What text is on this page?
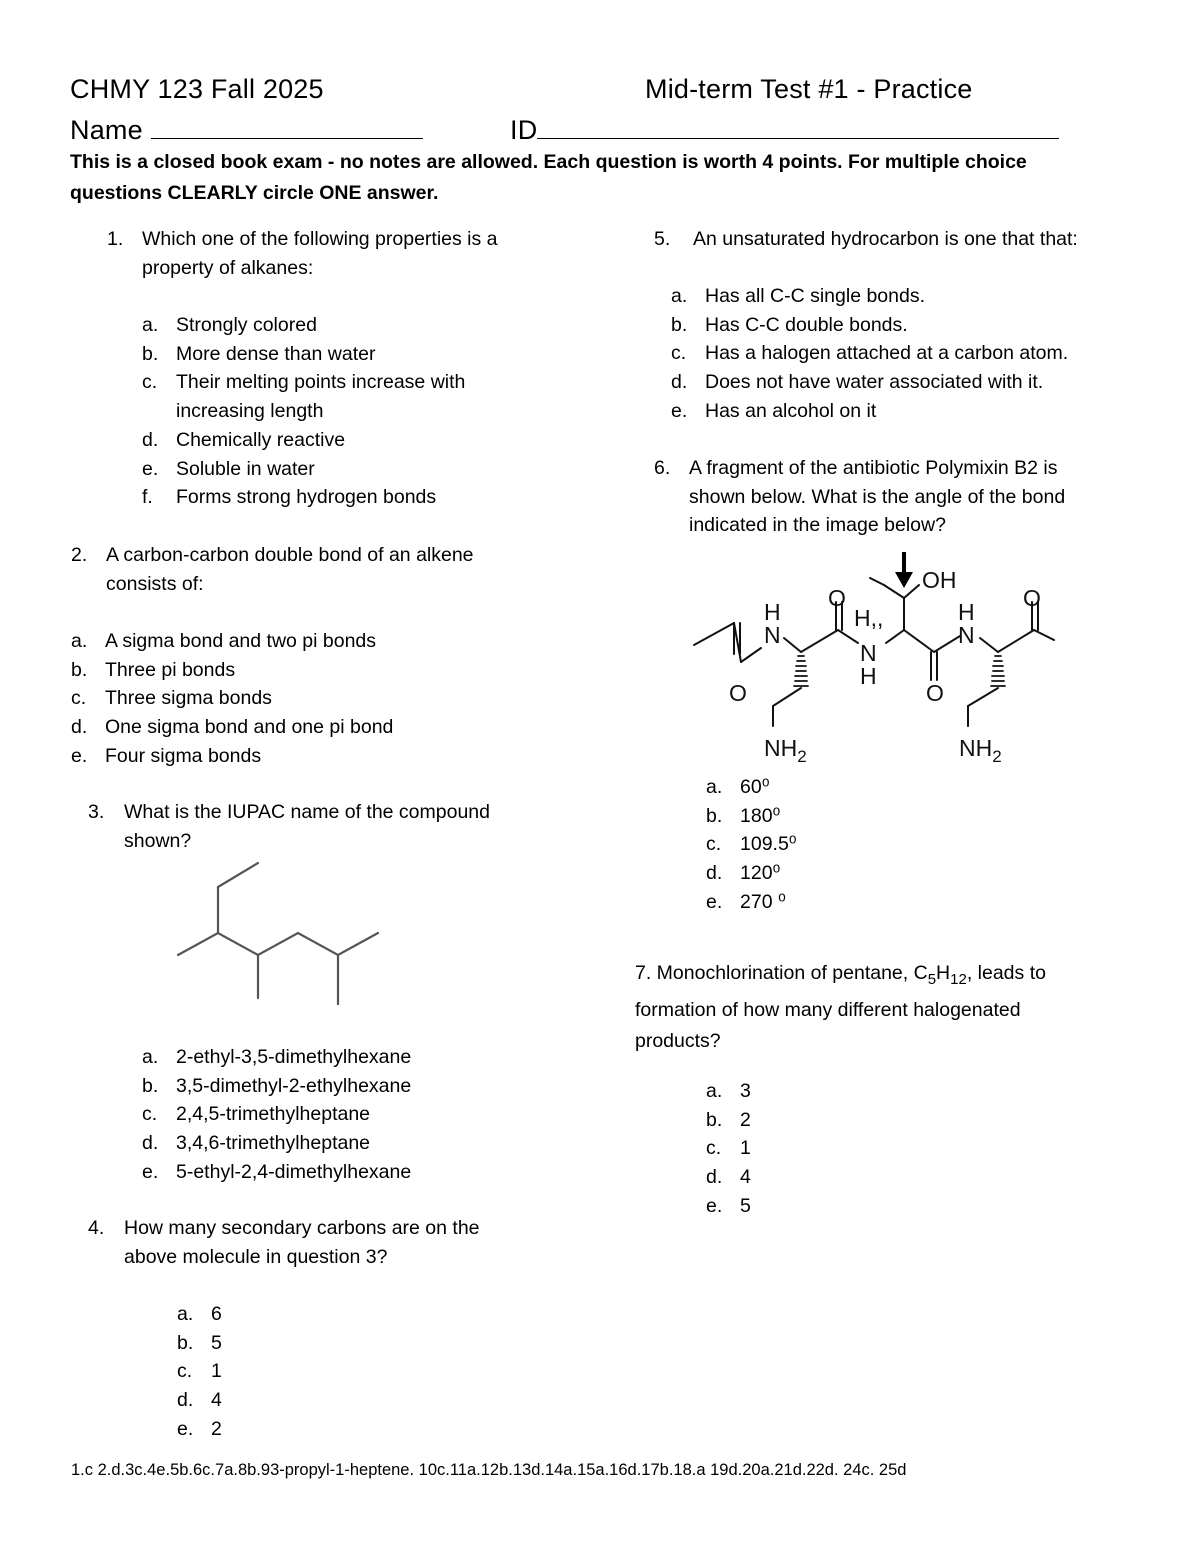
CHMY 123 Fall 2025	Mid-term Test #1 - Practice
Name	ID
This is a closed book exam - no notes are allowed. Each question is worth 4 points. For multiple choice
questions CLEARLY circle ONE answer.
1. Which one of the following properties is a
property of alkanes:
a. Strongly colored
b. More dense than water
c. Their melting points increase with
increasing length
d. Chemically reactive
e. Soluble in water
f. Forms strong hydrogen bonds
2. A carbon-carbon double bond of an alkene
consists of:
a. A sigma bond and two pi bonds
b. Three pi bonds
c. Three sigma bonds
d. One sigma bond and one pi bond
e. Four sigma bonds
3. What is the IUPAC name of the compound
shown?
a. 2-ethyl-3,5-dimethylhexane
b. 3,5-dimethyl-2-ethylhexane
c. 2,4,5-trimethylheptane
d. 3,4,6-trimethylheptane
e. 5-ethyl-2,4-dimethylhexane
4. How many secondary carbons are on the
above molecule in question 3?
a. 6
b. 5
c. 1
d. 4
e. 2
5. An unsaturated hydrocarbon is one that that:
a. Has all C-C single bonds.
b. Has C-C double bonds.
c. Has a halogen attached at a carbon atom.
d. Does not have water associated with it.
e. Has an alcohol on it
6. A fragment of the antibiotic Polymixin B2 is
shown below. What is the angle of the bond
indicated in the image below?
OH
O	O
O	O
H
N
H,,
N
H
H
N
$NH_2$	$NH_2$
a. 60⁰
b. 180⁰
c. 109.5⁰
d. 120⁰
e. 270 ⁰
7. Monochlorination of pentane, $C_5H_{12}$, leads to
formation of how many different halogenated
products?
a. 3
b. 2
c. 1
d. 4
e. 5
1.c 2.d.3c.4e.5b.6c.7a.8b.93-propyl-1-heptene. 10c.11a.12b.13d.14a.15a.16d.17b.18.a 19d.20a.21d.22d. 24c. 25d
